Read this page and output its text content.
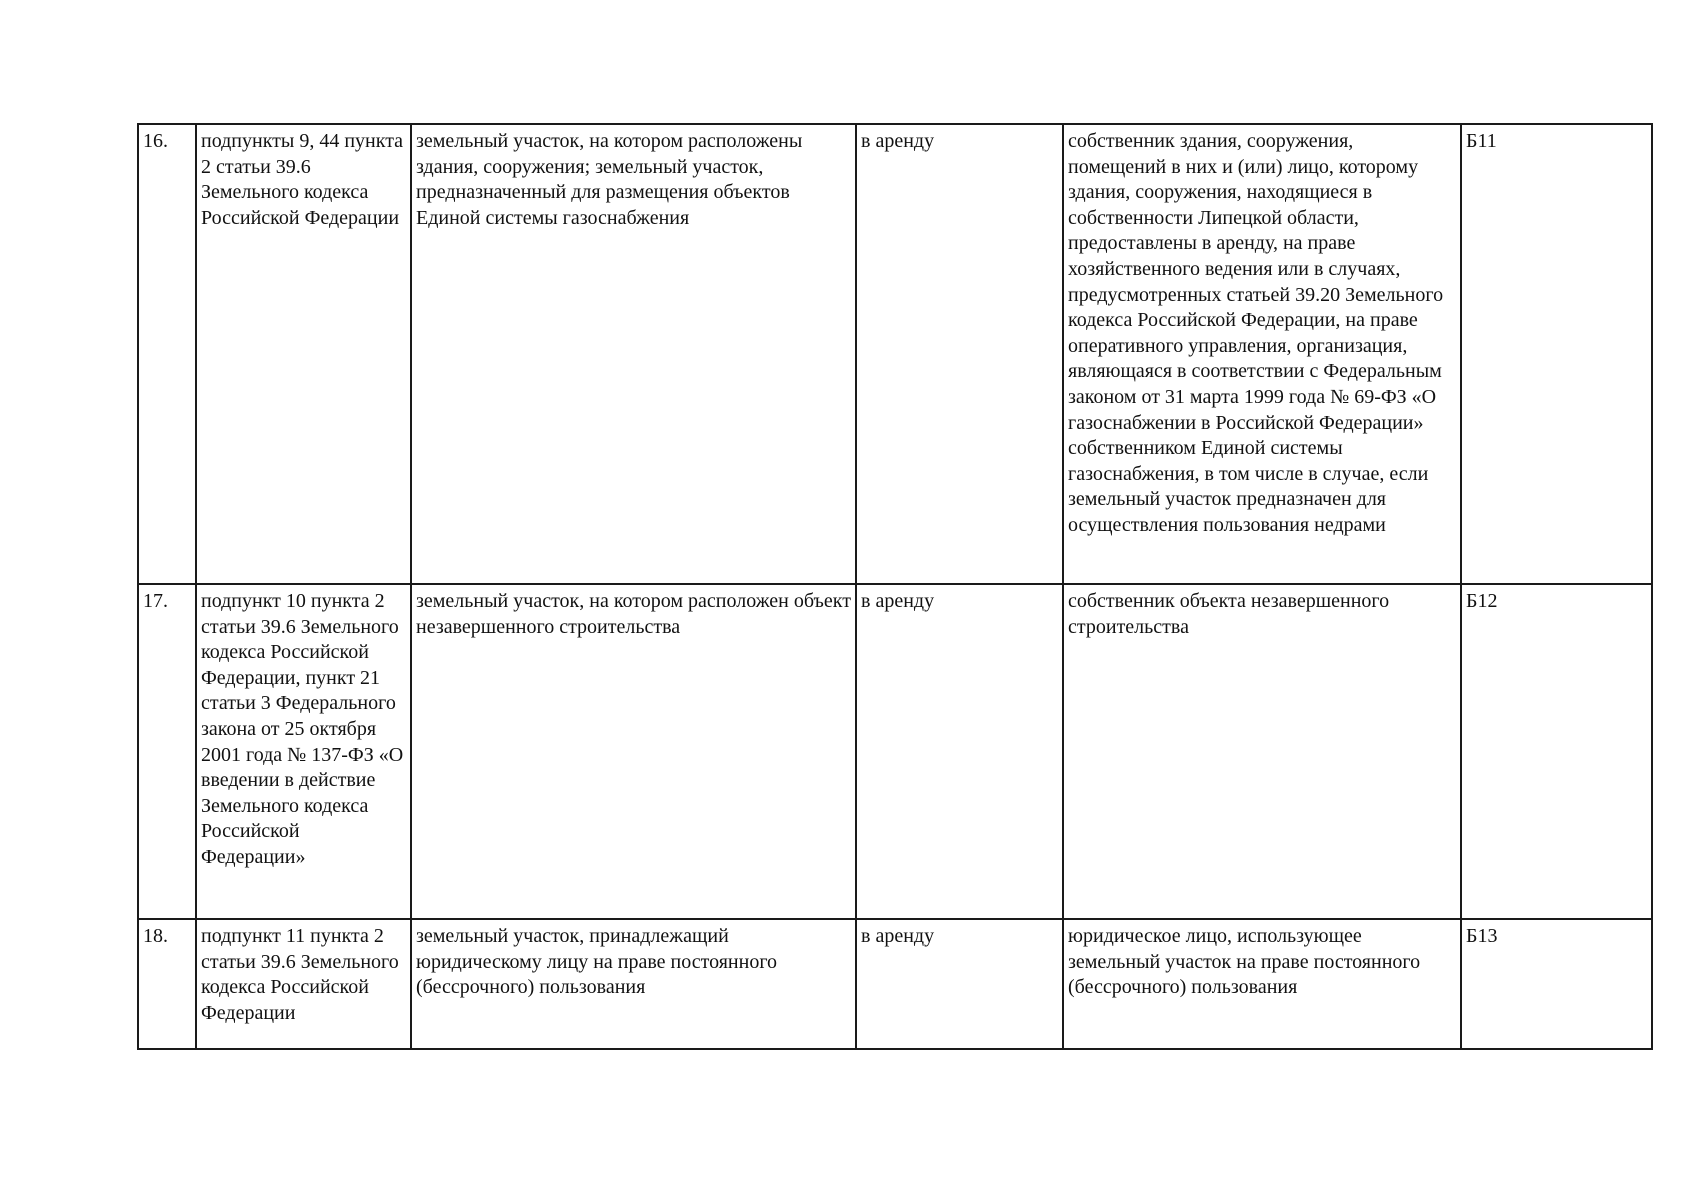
16.	подпункты 9, 44 пункта 2 статьи 39.6 Земельного кодекса Российской Федерации	земельный участок, на котором расположены здания, сооружения; земельный участок, предназначенный для размещения объектов Единой системы газоснабжения	в аренду	собственник здания, сооружения, помещений в них и (или) лицо, которому здания, сооружения, находящиеся в собственности Липецкой области, предоставлены в аренду, на праве хозяйственного ведения или в случаях, предусмотренных статьей 39.20 Земельного кодекса Российской Федерации, на праве оперативного управления, организация, являющаяся в соответствии с Федеральным законом от 31 марта 1999 года № 69-ФЗ «О газоснабжении в Российской Федерации» собственником Единой системы газоснабжения, в том числе в случае, если земельный участок предназначен для осуществления пользования недрами	Б11
17.	подпункт 10 пункта 2 статьи 39.6 Земельного кодекса Российской Федерации, пункт 21 статьи 3 Федерального закона от 25 октября 2001 года № 137-ФЗ «О введении в действие Земельного кодекса Российской Федерации»	земельный участок, на котором расположен объект незавершенного строительства	в аренду	собственник объекта незавершенного строительства	Б12
18.	подпункт 11 пункта 2 статьи 39.6 Земельного кодекса Российской Федерации	земельный участок, принадлежащий юридическому лицу на праве постоянного (бессрочного) пользования	в аренду	юридическое лицо, использующее земельный участок на праве постоянного (бессрочного) пользования	Б13
